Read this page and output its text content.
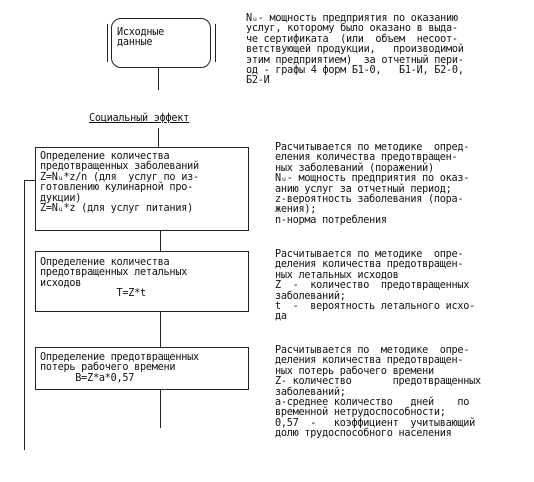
Исходные
данные
Nᵤ- мощность предприятия по оказанию
услуг, которому было оказано в выда-
че сертификата  (или  объем  несоот-
ветствующей продукции,   производимой
этим предприятием)  за отчетный пери-
од - графы 4 форм Б1-0,   Б1-И, Б2-0,
Б2-И
Социальный эффект
Определение количества
предотвращенных заболеваний
Z=Nᵤ*z/n (для  услуг по из-
готовлению кулинарной про-
дукции)
Z=Nᵤ*z (для услуг питания)
Расчитывается по методике  опред-
еления количества предотвращен-
ных заболеваний (поражений)
Nᵤ- мощность предприятия по оказ-
анию услуг за отчетный период;
z-вероятность заболевания (пора-
жения);
n-норма потребления
Определение количества
предотвращенных летальных
исходов
T=Z*t
Расчитывается по методике  опре-
деления количества предотвращен-
ных летальных исходов
Z  -  количество  предотвращенных
заболеваний;
t  -  вероятность летального исхо-
да
Определение предотвращенных
потерь рабочего времени
B=Z*a*0,57
Расчитывается по  методике  опре-
деления количества предотвращен-
ных потерь рабочего времени
Z- количество       предотвращенных
заболеваний;
а-среднее количество   дней    по
временной нетрудоспособности;
0,57  -   коэффициент  учитывающий
долю трудоспособного населения
